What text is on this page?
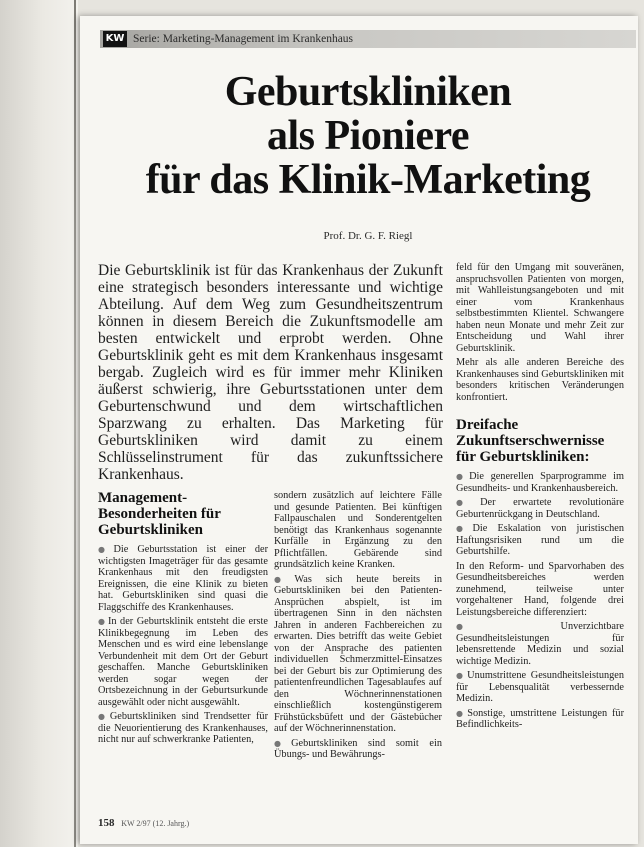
KW Serie: Marketing-Management im Krankenhaus
Geburtskliniken
als Pioniere
für das Klinik-Marketing
Prof. Dr. G. F. Riegl
Die Geburtsklinik ist für das Krankenhaus der Zukunft eine strategisch besonders interessante und wichtige Abteilung. Auf dem Weg zum Gesundheitszentrum können in diesem Bereich die Zukunftsmodelle am besten entwickelt und erprobt werden. Ohne Geburtsklinik geht es mit dem Krankenhaus insgesamt bergab. Zugleich wird es für immer mehr Kliniken äußerst schwierig, ihre Geburtsstationen unter dem Geburtenschwund und dem wirtschaftlichen Sparzwang zu erhalten. Das Marketing für Geburtskliniken wird damit zu einem Schlüsselinstrument für das zukunftssichere Krankenhaus.
Management-Besonderheiten für Geburtskliniken

● Die Geburtsstation ist einer der wichtigsten Imageträger für das gesamte Krankenhaus mit den freudigsten Ereignissen, die eine Klinik zu bieten hat. Geburtskliniken sind quasi die Flaggschiffe des Krankenhauses.

● In der Geburtsklinik entsteht die erste Klinikbegegnung im Leben des Menschen und es wird eine lebenslange Verbundenheit mit dem Ort der Geburt geschaffen. Manche Geburtskliniken werden sogar wegen der Ortsbezeichnung in der Geburtsurkunde ausgewählt oder nicht ausgewählt.

● Geburtskliniken sind Trendsetter für die Neuorientierung des Krankenhauses, nicht nur auf schwerkranke Patienten,

sondern zusätzlich auf leichtere Fälle und gesunde Patienten. Bei künftigen Fallpauschalen und Sonderentgelten benötigt das Krankenhaus sogenannte Kurfälle in Ergänzung zu den Pflichtfällen. Gebärende sind grundsätzlich keine Kranken.

● Was sich heute bereits in Geburtskliniken bei den Patienten-Ansprüchen abspielt, ist im übertragenen Sinn in den nächsten Jahren in anderen Fachbereichen zu erwarten. Dies betrifft das weite Gebiet von der Ansprache des patienten individuellen Schmerzmittel-Einsatzes bei der Geburt bis zur Optimierung des patientenfreundlichen Tagesablaufes auf den Wöchnerinnenstationen einschließlich kostengünstigerem Frühstücksbüfett und der Gästebücher auf der Wöchnerinnenstation.

● Geburtskliniken sind somit ein Übungs- und Bewährungs-

feld für den Umgang mit souveränen, anspruchsvollen Patienten von morgen, mit Wahlleistungsangeboten und mit einer vom Krankenhaus selbstbestimmten Klientel. Schwangere haben neun Monate und mehr Zeit zur Entscheidung und Wahl ihrer Geburtsklinik.

Mehr als alle anderen Bereiche des Krankenhauses sind Geburtskliniken mit besonders kritischen Veränderungen konfrontiert.

Dreifache Zukunftserschwernisse für Geburtskliniken:

● Die generellen Sparprogramme im Gesundheits- und Krankenhausbereich.

● Der erwartete revolutionäre Geburtenrückgang in Deutschland.

● Die Eskalation von juristischen Haftungsrisiken rund um die Geburtshilfe.

In den Reform- und Sparvorhaben des Gesundheitsbereiches werden zunehmend, teilweise unter vorgehaltener Hand, folgende drei Leistungsbereiche differenziert:

● Unverzichtbare Gesundheitsleistungen für lebensrettende Medizin und sozial wichtige Medizin.

● Unumstrittene Gesundheitsleistungen für Lebensqualität verbessernde Medizin.

● Sonstige, umstrittene Leistungen für Befindlichkeits-

158 KW 2/97 (12. Jahrg.)
